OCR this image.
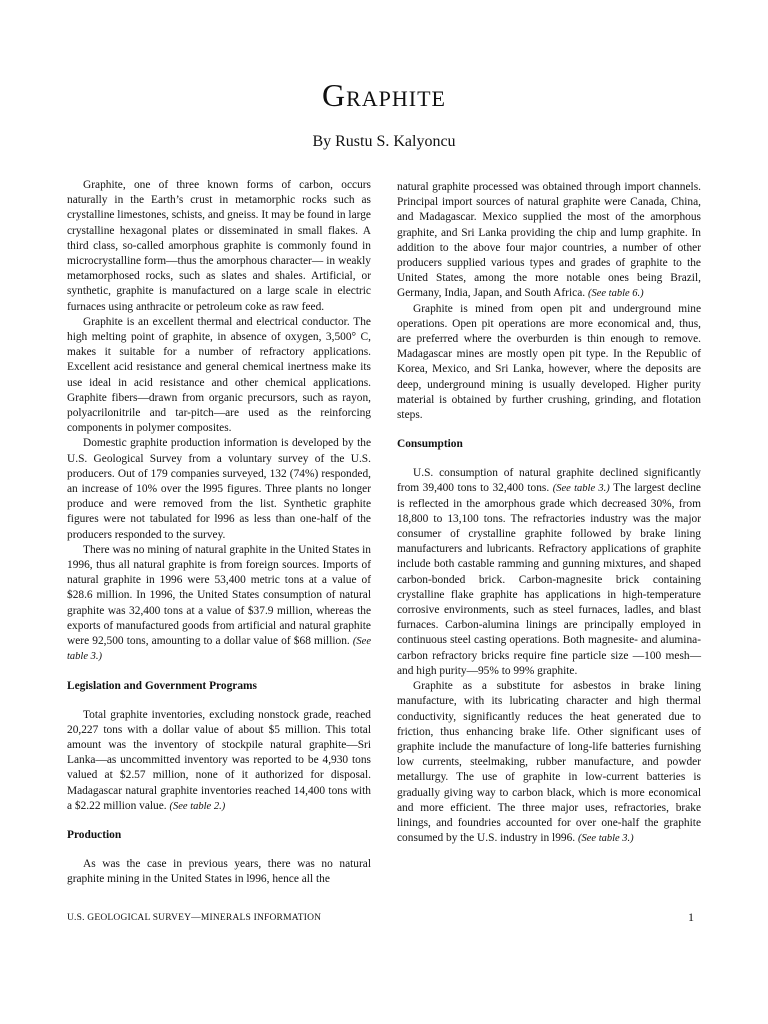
Graphite
By Rustu S. Kalyoncu

Graphite, one of three known forms of carbon, occurs naturally in the Earth’s crust in metamorphic rocks such as crystalline limestones, schists, and gneiss. It may be found in large crystalline hexagonal plates or disseminated in small flakes. A third class, so-called amorphous graphite is commonly found in microcrystalline form—thus the amorphous character— in weakly metamorphosed rocks, such as slates and shales. Artificial, or synthetic, graphite is manufactured on a large scale in electric furnaces using anthracite or petroleum coke as raw feed.

Graphite is an excellent thermal and electrical conductor. The high melting point of graphite, in absence of oxygen, 3,500° C, makes it suitable for a number of refractory applications. Excellent acid resistance and general chemical inertness make its use ideal in acid resistance and other chemical applications. Graphite fibers—drawn from organic precursors, such as rayon, polyacrilonitrile and tar-pitch—are used as the reinforcing components in polymer composites.

Domestic graphite production information is developed by the U.S. Geological Survey from a voluntary survey of the U.S. producers. Out of 179 companies surveyed, 132 (74%) responded, an increase of 10% over the l995 figures. Three plants no longer produce and were removed from the list. Synthetic graphite figures were not tabulated for l996 as less than one-half of the producers responded to the survey.

There was no mining of natural graphite in the United States in 1996, thus all natural graphite is from foreign sources. Imports of natural graphite in 1996 were 53,400 metric tons at a value of $28.6 million. In 1996, the United States consumption of natural graphite was 32,400 tons at a value of $37.9 million, whereas the exports of manufactured goods from artificial and natural graphite were 92,500 tons, amounting to a dollar value of $68 million. (See table 3.)

Legislation and Government Programs

Total graphite inventories, excluding nonstock grade, reached 20,227 tons with a dollar value of about $5 million. This total amount was the inventory of stockpile natural graphite—Sri Lanka—as uncommitted inventory was reported to be 4,930 tons valued at $2.57 million, none of it authorized for disposal. Madagascar natural graphite inventories reached 14,400 tons with a $2.22 million value. (See table 2.)

Production

As was the case in previous years, there was no natural graphite mining in the United States in l996, hence all the

natural graphite processed was obtained through import channels. Principal import sources of natural graphite were Canada, China, and Madagascar. Mexico supplied the most of the amorphous graphite, and Sri Lanka providing the chip and lump graphite. In addition to the above four major countries, a number of other producers supplied various types and grades of graphite to the United States, among the more notable ones being Brazil, Germany, India, Japan, and South Africa. (See table 6.)

Graphite is mined from open pit and underground mine operations. Open pit operations are more economical and, thus, are preferred where the overburden is thin enough to remove. Madagascar mines are mostly open pit type. In the Republic of Korea, Mexico, and Sri Lanka, however, where the deposits are deep, underground mining is usually developed. Higher purity material is obtained by further crushing, grinding, and flotation steps.

Consumption

U.S. consumption of natural graphite declined significantly from 39,400 tons to 32,400 tons. (See table 3.) The largest decline is reflected in the amorphous grade which decreased 30%, from 18,800 to 13,100 tons. The refractories industry was the major consumer of crystalline graphite followed by brake lining manufacturers and lubricants. Refractory applications of graphite include both castable ramming and gunning mixtures, and shaped carbon-bonded brick. Carbon-magnesite brick containing crystalline flake graphite has applications in high-temperature corrosive environments, such as steel furnaces, ladles, and blast furnaces. Carbon-alumina linings are principally employed in continuous steel casting operations. Both magnesite- and alumina-carbon refractory bricks require fine particle size —100 mesh—and high purity—95% to 99% graphite.

Graphite as a substitute for asbestos in brake lining manufacture, with its lubricating character and high thermal conductivity, significantly reduces the heat generated due to friction, thus enhancing brake life. Other significant uses of graphite include the manufacture of long-life batteries furnishing low currents, steelmaking, rubber manufacture, and powder metallurgy. The use of graphite in low-current batteries is gradually giving way to carbon black, which is more economical and more efficient. The three major uses, refractories, brake linings, and foundries accounted for over one-half the graphite consumed by the U.S. industry in l996. (See table 3.)

U.S. GEOLOGICAL SURVEY—MINERALS INFORMATION	1
